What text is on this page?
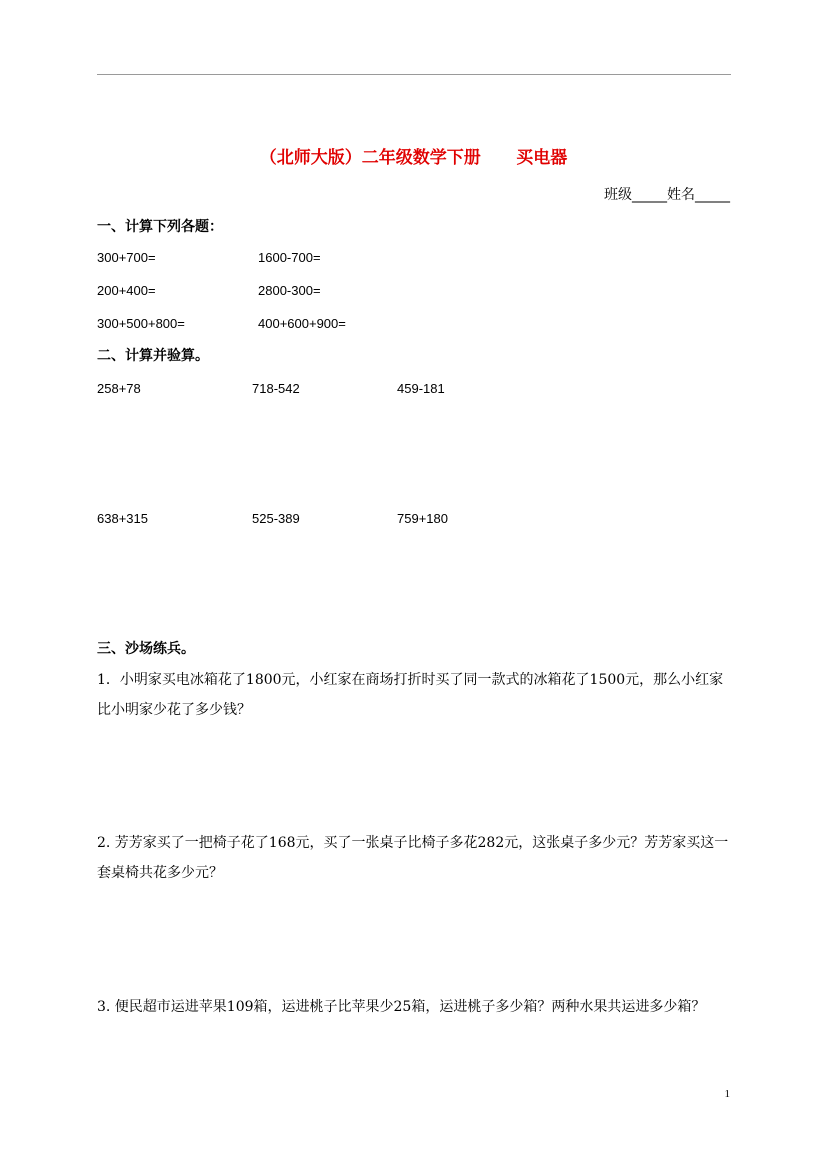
（北师大版）二年级数学下册      买电器
班级_____姓名_____
一、计算下列各题：
300+700=	1600-700=
200+400=	2800-300=
300+500+800=	400+600+900=
二、计算并验算。
258+78	718-542	459-181
638+315	525-389	759+180
三、沙场练兵。
1．小明家买电冰箱花了1800元，小红家在商场打折时买了同一款式的冰箱花了1500元，那么小红家比小明家少花了多少钱？
2. 芳芳家买了一把椅子花了168元，买了一张桌子比椅子多花282元，这张桌子多少元？芳芳家买这一套桌椅共花多少元？
3. 便民超市运进苹果109箱，运进桃子比苹果少25箱，运进桃子多少箱？两种水果共运进多少箱？
1
